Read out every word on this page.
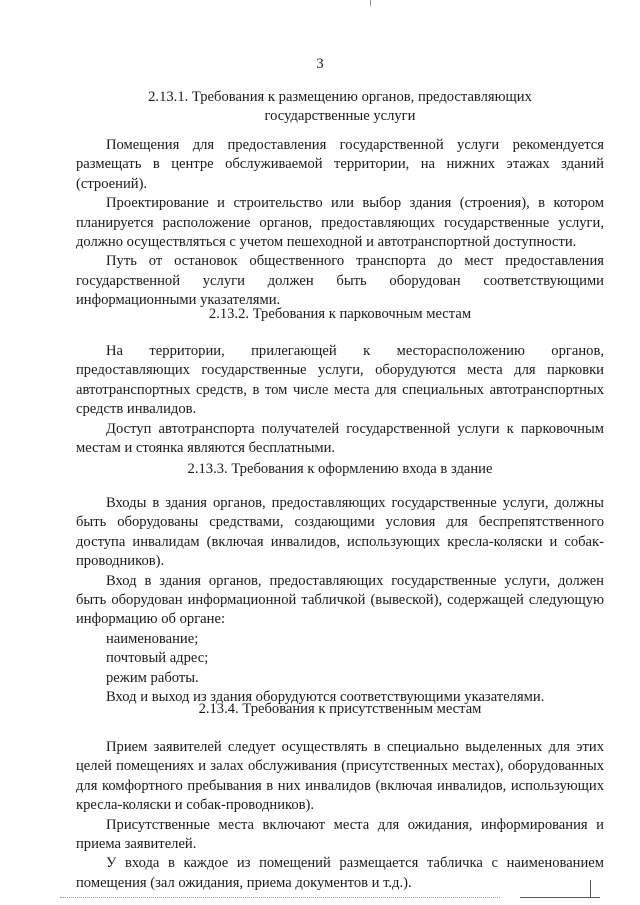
3
2.13.1. Требования к размещению органов, предоставляющих государственные услуги

Помещения для предоставления государственной услуги рекомендуется размещать в центре обслуживаемой территории, на нижних этажах зданий (строений).

Проектирование и строительство или выбор здания (строения), в котором планируется расположение органов, предоставляющих государственные услуги, должно осуществляться с учетом пешеходной и автотранспортной доступности.

Путь от остановок общественного транспорта до мест предоставления государственной услуги должен быть оборудован соответствующими информационными указателями.

2.13.2. Требования к парковочным местам

На территории, прилегающей к месторасположению органов, предоставляющих государственные услуги, оборудуются места для парковки автотранспортных средств, в том числе места для специальных автотранспортных средств инвалидов.

Доступ автотранспорта получателей государственной услуги к парковочным местам и стоянка являются бесплатными.

2.13.3. Требования к оформлению входа в здание

Входы в здания органов, предоставляющих государственные услуги, должны быть оборудованы средствами, создающими условия для беспрепятственного доступа инвалидам (включая инвалидов, использующих кресла-коляски и собак-проводников).

Вход в здания органов, предоставляющих государственные услуги, должен быть оборудован информационной табличкой (вывеской), содержащей следующую информацию об органе:

наименование;

почтовый адрес;

режим работы.

Вход и выход из здания оборудуются соответствующими указателями.

2.13.4. Требования к присутственным местам

Прием заявителей следует осуществлять в специально выделенных для этих целей помещениях и залах обслуживания (присутственных местах), оборудованных для комфортного пребывания в них инвалидов (включая инвалидов, использующих кресла-коляски и собак-проводников).

Присутственные места включают места для ожидания, информирования и приема заявителей.

У входа в каждое из помещений размещается табличка с наименованием помещения (зал ожидания, приема документов и т.д.).
